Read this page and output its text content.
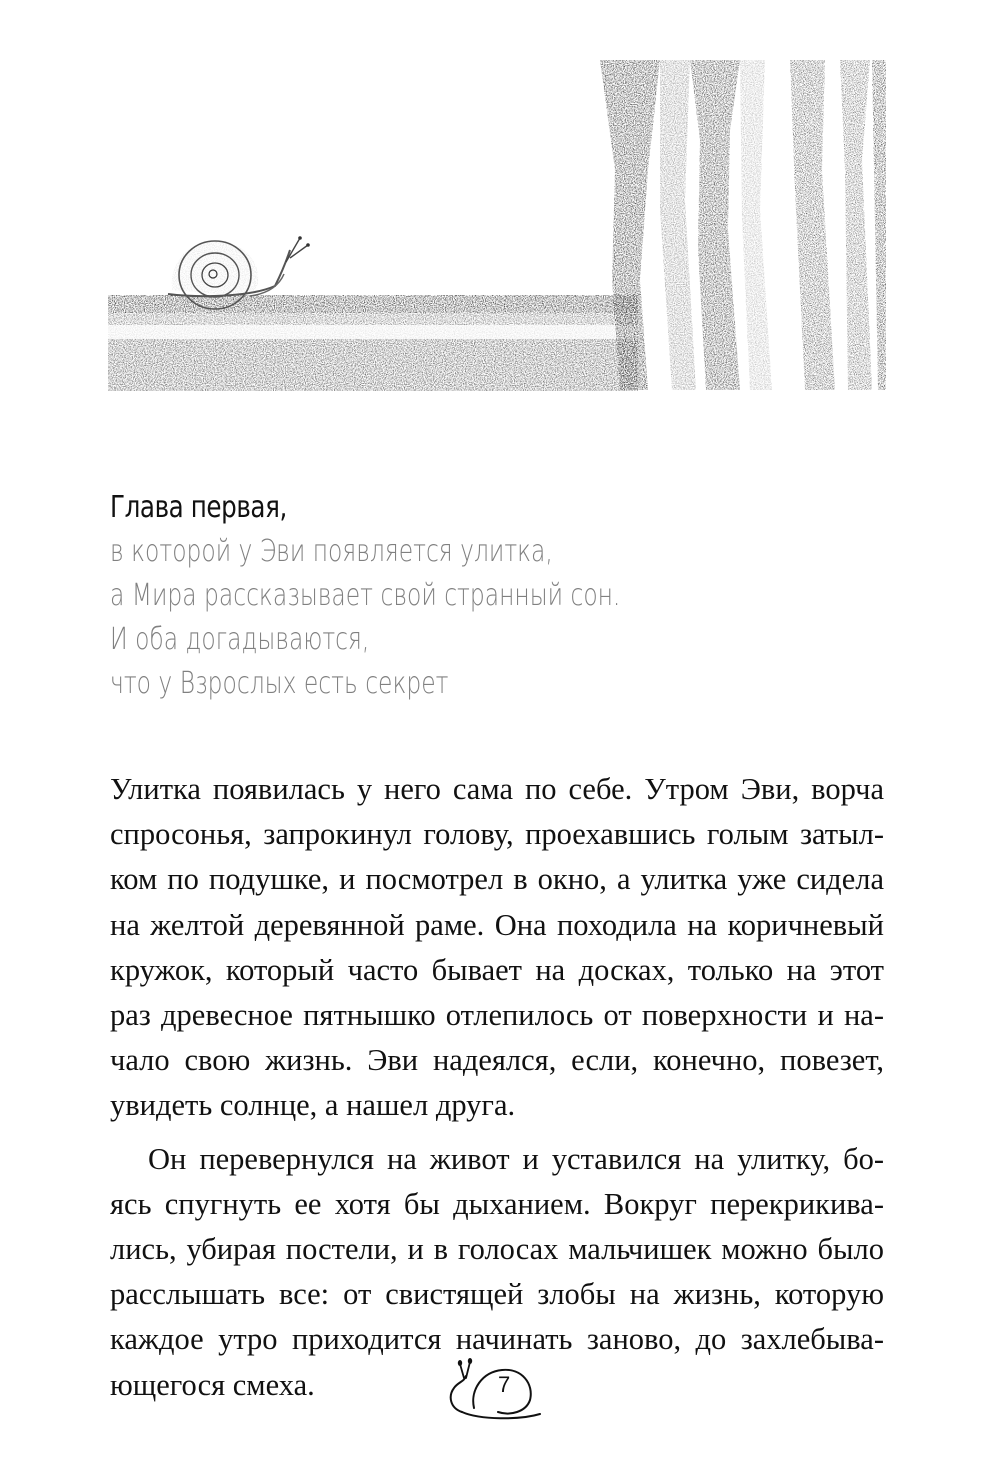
Глава первая,
в которой у Эви появляется улитка,
а Мира рассказывает свой странный сон.
И оба догадываются,
что у Взрослых есть секрет
Улитка появилась у него сама по себе. Утром Эви, ворча
спросонья, запрокинул голову, проехавшись голым затыл-
ком по подушке, и посмотрел в окно, а улитка уже сидела
на желтой деревянной раме. Она походила на коричневый
кружок, который часто бывает на досках, только на этот
раз древесное пятнышко отлепилось от поверхности и на-
чало свою жизнь. Эви надеялся, если, конечно, повезет,
увидеть солнце, а нашел друга.
Он перевернулся на живот и уставился на улитку, бо-
ясь спугнуть ее хотя бы дыханием. Вокруг перекрикива-
лись, убирая постели, и в голосах мальчишек можно было
расслышать все: от свистящей злобы на жизнь, которую
каждое утро приходится начинать заново, до захлебыва-
ющегося смеха.	7
